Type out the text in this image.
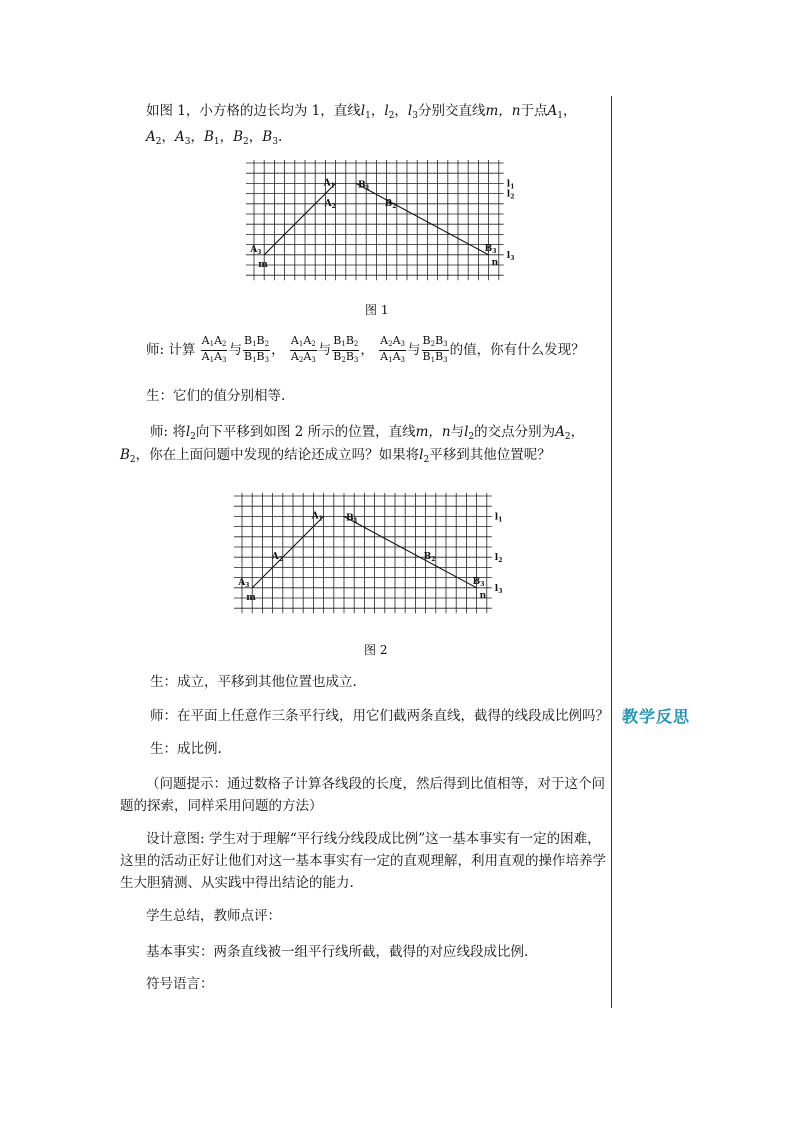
教学反思
如图 1，小方格的边长均为 1，直线$l_1$，$l_2$，$l_3$分别交直线m，n于点$A_1$，
$A_2$，$A_3$，$B_1$，$B_2$，$B_3$.
$A_1$
$A_2$
$A_3$
$B_1$
$B_2$
$B_3$
m	n
$l_1$
$l_2$
$l_3$
图 1
师: 计算 $\frac{A_1A_2}{A_1A_3}$ 与 $\frac{B_1B_2}{B_1B_3}$ ， $\frac{A_1A_2}{A_2A_3}$ 与 $\frac{B_1B_2}{B_2B_3}$ ， $\frac{A_2A_3}{A_1A_3}$ 与 $\frac{B_2B_3}{B_1B_3}$ 的值，你有什么发现？
生：它们的值分别相等.
师: 将$l_2$向下平移到如图 2 所示的位置，直线m，n与$l_2$的交点分别为$A_2$，
$B_2$，你在上面问题中发现的结论还成立吗？如果将$l_2$平移到其他位置呢？
$A_1$
$A_2$
$A_3$
$B_1$
$B_2$
$B_3$
m	n
$l_1$
$l_2$
$l_3$
图 2
生：成立，平移到其他位置也成立.
师：在平面上任意作三条平行线，用它们截两条直线，截得的线段成比例吗？
生：成比例.
（问题提示：通过数格子计算各线段的长度，然后得到比值相等，对于这个问题的探索，同样采用问题的方法）
设计意图: 学生对于理解“平行线分线段成比例”这一基本事实有一定的困难，这里的活动正好让他们对这一基本事实有一定的直观理解，利用直观的操作培养学生大胆猜测、从实践中得出结论的能力.
学生总结，教师点评：
基本事实：两条直线被一组平行线所截，截得的对应线段成比例.
符号语言：
